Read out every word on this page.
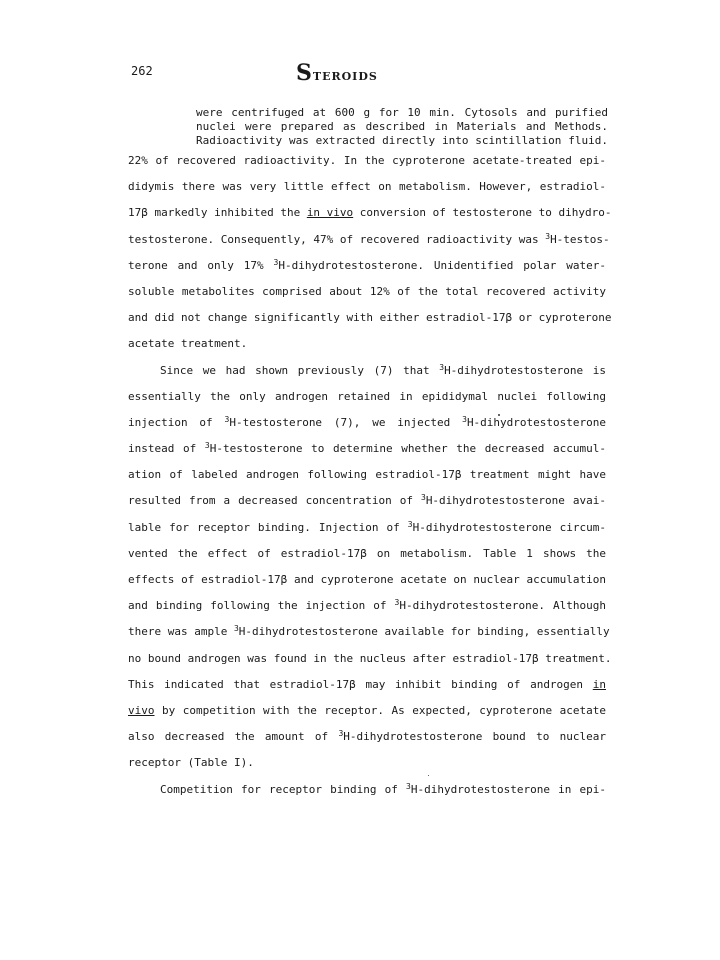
262	STEROIDS
were centrifuged at 600 g for 10 min. Cytosols and purified
nuclei were prepared as described in Materials and Methods.
Radioactivity was extracted directly into scintillation fluid.
22% of recovered radioactivity. In the cyproterone acetate-treated epi-
didymis there was very little effect on metabolism. However, estradiol-
17β markedly inhibited the in vivo conversion of testosterone to dihydro-
testosterone. Consequently, 47% of recovered radioactivity was $^3$H-testos-
terone and only 17% $^3$H-dihydrotestosterone. Unidentified polar water-
soluble metabolites comprised about 12% of the total recovered activity
and did not change significantly with either estradiol-17β or cyproterone
acetate treatment.
Since we had shown previously (7) that $^3$H-dihydrotestosterone is
essentially the only androgen retained in epididymal nuclei following
injection of $^3$H-testosterone (7), we injected $^3$H-dihydrotestosterone
instead of $^3$H-testosterone to determine whether the decreased accumul-
ation of labeled androgen following estradiol-17β treatment might have
resulted from a decreased concentration of $^3$H-dihydrotestosterone avai-
lable for receptor binding. Injection of $^3$H-dihydrotestosterone circum-
vented the effect of estradiol-17β on metabolism. Table 1 shows the
effects of estradiol-17β and cyproterone acetate on nuclear accumulation
and binding following the injection of $^3$H-dihydrotestosterone. Although
there was ample $^3$H-dihydrotestosterone available for binding, essentially
no bound androgen was found in the nucleus after estradiol-17β treatment.
This indicated that estradiol-17β may inhibit binding of androgen in
vivo by competition with the receptor. As expected, cyproterone acetate
also decreased the amount of $^3$H-dihydrotestosterone bound to nuclear
receptor (Table I).
Competition for receptor binding of $^3$H-dihydrotestosterone in epi-
